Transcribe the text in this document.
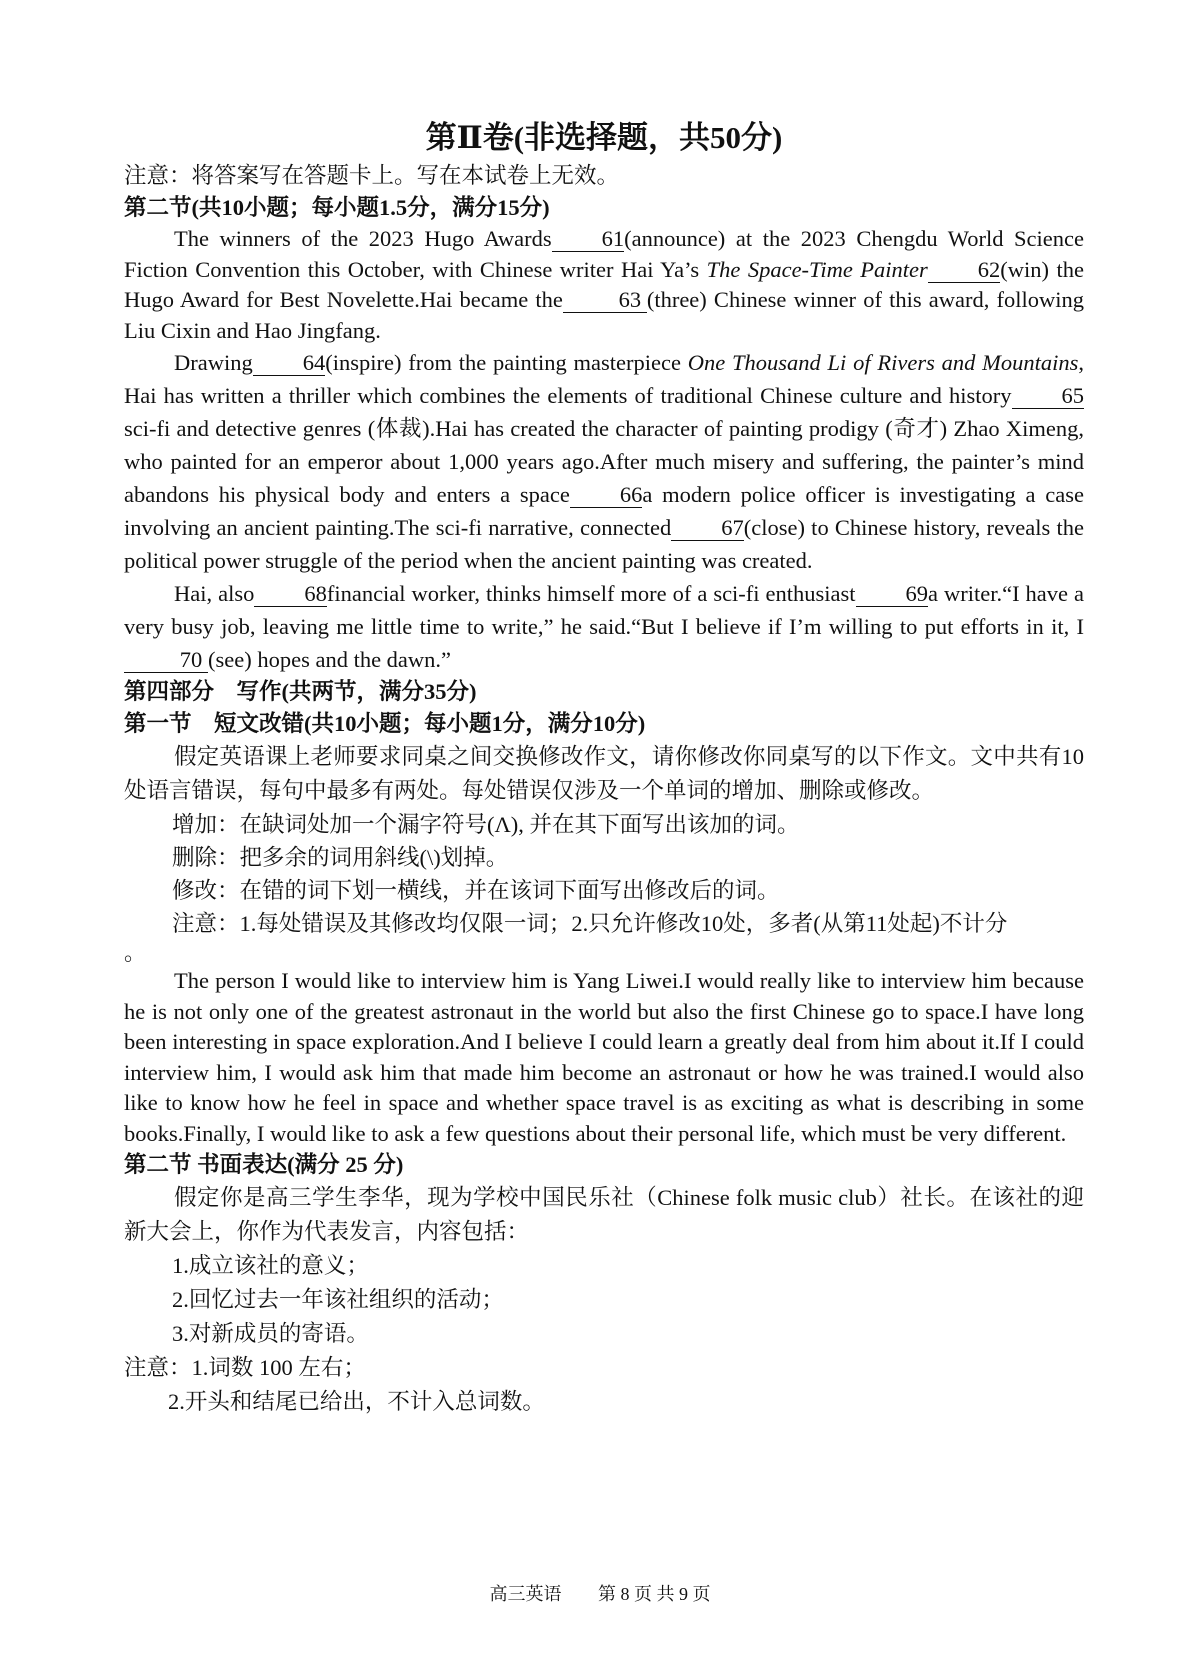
第Ⅱ卷(非选择题，共50分)
注意：将答案写在答题卡上。写在本试卷上无效。
第二节(共10小题；每小题1.5分，满分15分)

The winners of the 2023 Hugo Awards 61(announce) at the 2023 Chengdu World Science Fiction Convention this October, with Chinese writer Hai Ya’s The Space-Time Painter 62(win) the Hugo Award for Best Novelette.Hai became the 63 (three) Chinese winner of this award, following Liu Cixin and Hao Jingfang.

Drawing 64(inspire) from the painting masterpiece One Thousand Li of Rivers and Mountains, Hai has written a thriller which combines the elements of traditional Chinese culture and history 65sci-fi and detective genres (体裁).Hai has created the character of painting prodigy (奇才) Zhao Ximeng, who painted for an emperor about 1,000 years ago.After much misery and suffering, the painter’s mind abandons his physical body and enters a space 66a modern police officer is investigating a case involving an ancient painting.The sci-fi narrative, connected 67(close) to Chinese history, reveals the political power struggle of the period when the ancient painting was created.

Hai, also 68financial worker, thinks himself more of a sci-fi enthusiast 69a writer.“I have a very busy job, leaving me little time to write,” he said.“But I believe if I’m willing to put efforts in it, I70 (see) hopes and the dawn.”

第四部分　写作(共两节，满分35分)
第一节　短文改错(共10小题；每小题1分，满分10分)

假定英语课上老师要求同桌之间交换修改作文，请你修改你同桌写的以下作文。文中共有10处语言错误，每句中最多有两处。每处错误仅涉及一个单词的增加、删除或修改。

增加：在缺词处加一个漏字符号(Λ), 并在其下面写出该加的词。
删除：把多余的词用斜线(\)划掉。
修改：在错的词下划一横线，并在该词下面写出修改后的词。
注意：1.每处错误及其修改均仅限一词；2.只允许修改10处，多者(从第11处起)不计分
。

The person I would like to interview him is Yang Liwei.I would really like to interview him because he is not only one of the greatest astronaut in the world but also the first Chinese go to space.I have long been interesting in space exploration.And I believe I could learn a greatly deal from him about it.If I could interview him, I would ask him that made him become an astronaut or how he was trained.I would also like to know how he feel in space and whether space travel is as exciting as what is describing in some books.Finally, I would like to ask a few questions about their personal life, which must be very different.

第二节 书面表达(满分 25 分)

假定你是高三学生李华，现为学校中国民乐社（Chinese folk music club）社长。在该社的迎新大会上，你作为代表发言，内容包括：

1.成立该社的意义；
2.回忆过去一年该社组织的活动；
3.对新成员的寄语。
注意：1.词数 100 左右；
2.开头和结尾已给出，不计入总词数。
高三英语 第 8 页 共 9 页
